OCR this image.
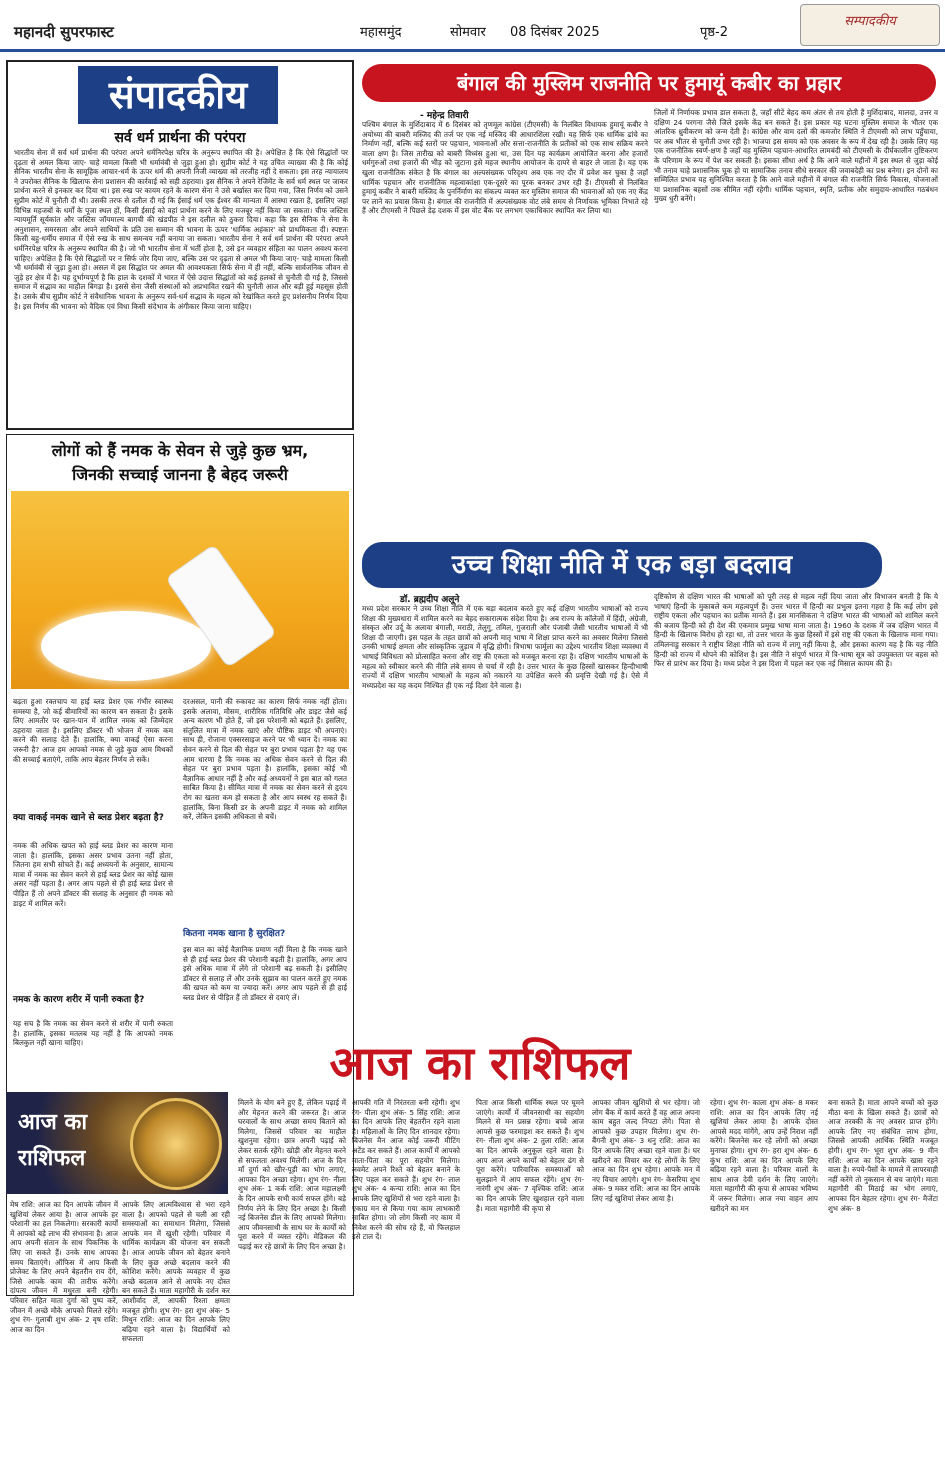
महानदी सुपरफास्ट	महासमुंद	सोमवार 08 दिसंबर 2025	पृष्ठ-2
सम्पादकीय
संपादकीय
सर्व धर्म प्रार्थना की परंपरा
भारतीय सेना में सर्व धर्म प्रार्थना की परंपरा अपने धर्मनिरपेक्ष चरित्र के अनुरूप स्थापित की है। अपेक्षित है कि ऐसे सिद्धांतों पर दृढ़ता से अमल किया जाए- चाहे मामला किसी भी धर्मावंबी से जुड़ा हुआ हो। सुप्रीम कोर्ट ने यह उचित व्याख्या की है कि कोई सैनिक भारतीय सेना के सामूहिक आचार-धर्म के ऊपर धर्म की अपनी निजी व्याख्या को तरजीह नहीं दे सकता। इस तरह न्यायालय ने उपरोक्त सैनिक के खिलाफ सेना प्रशासन की कार्रवाई को सही ठहराया। इस सैनिक ने अपने रेजिमेंट के सर्व धर्म स्थल पर जाकर प्रार्थना करने से इनकार कर दिया था। इस रुख पर कायम रहने के कारण सेना ने उसे बर्खास्त कर दिया गया, जिस निर्णय को उसने सुप्रीम कोर्ट में चुनौती दी थी। उसकी तरफ से दलील दी गई कि ईसाई धर्म एक ईश्वर की मान्यता में आस्था रखता है, इसलिए जहां विभिन्न महजबों के धर्मों के पूजा स्थल हों, किसी ईसाई को वहां प्रार्थना करने के लिए मजबूर नहीं किया जा सकता। चीफ जस्टिस न्यायमूर्ति सूर्यकांत और जस्टिस जॉयमाल्य बागची की खंडपीठ ने इस दलील को ठुकरा दिया। कहा कि इस सैनिक ने सेना के अनुशासन, समरसता और अपने साथियों के प्रति उस सम्मान की भावना के ऊपर 'धार्मिक अहंकार' को प्राथमिकता दी। स्पष्टतः किसी बहु-धर्मीय समाज में ऐसे रुख के साथ समन्वय नहीं बनाया जा सकता। भारतीय सेना ने सर्व धर्म प्रार्थना की परंपरा अपने धर्मनिरपेक्ष चरित्र के अनुरूप स्थापित की है। जो भी भारतीय सेना में भर्ती होता है, उसे इन व्यवहार संहिता का पालन अवश्य करना चाहिए। अपेक्षित है कि ऐसे सिद्धांतों पर न सिर्फ जोर दिया जाए, बल्कि उस पर दृढ़ता से अमल भी किया जाए- चाहे मामला किसी भी धर्मावंबी से जुड़ा हुआ हो। असल में इस सिद्धांत पर अमल की आवश्यकता सिर्फ सेना में ही नहीं, बल्कि सार्वजनिक जीवन से जुड़े हर क्षेत्र में है। यह दुर्भाग्यपूर्ण है कि हाल के दशकों में भारत में ऐसे उदात्त सिद्धांतों को कई हलकों से चुनौती दी गई है, जिससे समाज में सद्भाव का माहौल बिगड़ा है। इससे सेना जैसी संस्थाओं को अप्रभावित रखने की चुनौती आज और बड़ी हुई महसूस होती है। उसके बीच सुप्रीम कोर्ट ने संवैधानिक भावना के अनुरूप सर्व-धर्म सद्भाव के महत्व को रेखांकित करते हुए प्रशंसनीय निर्णय दिया है। इस निर्णय की भावना को वैदिक एवं विधा किसी संदेभाव के अंगीकार किया जाना चाहिए।
लोगों को हैं नमक के सेवन से जुड़े कुछ भ्रम,
जिनकी सच्चाई जानना है बेहद जरूरी
बढ़ता हुआ रक्तचाप या हाई ब्लड प्रेशर एक गंभीर स्वास्थ्य समस्या है, जो कई बीमारियों का कारण बन सकता है। इसके लिए आमतौर पर खान-पान में शामिल नमक को जिम्मेदार ठहराया जाता है। इसलिए डॉक्टर भी भोजन में नमक कम करने की सलाह देते हैं। हालांकि, क्या वाकई ऐसा करना जरूरी है? आज हम आपको नमक से जुड़े कुछ आम मिथकों की सच्चाई बताएंगे, ताकि आप बेहतर निर्णय ले सकें।
क्या वाकई नमक खाने से ब्लड प्रेशर बढ़ता है?
नमक की अधिक खपत को हाई ब्लड प्रेशर का कारण माना जाता है। हालांकि, इसका असर प्रभाव उतना नहीं होता, जितना हम सभी सोचते हैं। कई अध्ययनों के अनुसार, सामान्य मात्रा में नमक का सेवन करने से हाई ब्लड प्रेशर का कोई खास असर नहीं पड़ता है। अगर आप पहले से ही हाई ब्लड प्रेशर से पीड़ित हैं तो अपने डॉक्टर की सलाह के अनुसार ही नमक को डाइट में शामिल करें।
नमक के कारण शरीर में पानी रुकता है?
यह सच है कि नमक का सेवन करने से शरीर में पानी रुकता है। हालांकि, इसका मतलब यह नहीं है कि आपको नमक बिलकुल नहीं खाना चाहिए।
दरअसल, पानी की रुकावट का कारण सिर्फ नमक नहीं होता। इसके अलावा, मौसम, शारीरिक गतिविधि और डाइट जैसे कई अन्य कारण भी होते हैं, जो इस परेशानी को बढ़ाते हैं। इसलिए, संतुलित मात्रा में नमक खाएं और पौष्टिक डाइट भी अपनाएं। साथ ही, रोजाना एक्सरसाइज करने पर भी ध्यान दें। नमक का सेवन करने से दिल की सेहत पर बुरा प्रभाव पड़ता है? यह एक आम धारणा है कि नमक का अधिक सेवन करने से दिल की सेहत पर बुरा प्रभाव पड़ता है। हालांकि, इसका कोई भी वैज्ञानिक आधार नहीं है और कई अध्ययनों ने इस बात को गलत साबित किया है। सीमित मात्रा में नमक का सेवन करने से हृदय रोग का खतरा कम हो सकता है और आप स्वस्थ रह सकते हैं। हालांकि, बिना किसी डर के अपनी डाइट में नमक को शामिल करें, लेकिन इसकी अधिकता से बचें।
कितना नमक खाना है सुरक्षित?
इस बात का कोई वैज्ञानिक प्रमाण नहीं मिला है कि नमक खाने से ही हाई ब्लड प्रेशर की परेशानी बढ़ती है। हालांकि, अगर आप इसे अधिक मात्रा में लेंगे तो परेशानी बढ़ सकती है। इसीलिए डॉक्टर से सलाह लें और उनके सुझाव का पालन करते हुए नमक की खपत को कम या ज्यादा करें। अगर आप पहले से ही हाई ब्लड प्रेशर से पीड़ित हैं तो डॉक्टर से दवाएं लें।
बंगाल की मुस्लिम राजनीति पर हुमायूं कबीर का प्रहार
- महेन्द्र तिवारी
पश्चिम बंगाल के मुर्शिदाबाद में 6 दिसंबर को तृणमूल कांग्रेस (टीएमसी) के निलंबित विधायक हुमायूं कबीर ने अयोध्या की बाबरी मस्जिद की तर्ज पर एक नई मस्जिद की आधारशिला रखी। यह सिर्फ एक धार्मिक ढांचे का निर्माण नहीं, बल्कि कई स्तरों पर पहचान, भावनाओं और सत्ता-राजनीति के प्रतीकों को एक साथ सक्रिय करने वाला क्षण है। जिस तारीख को बाबरी विध्वंस हुआ था, उस दिन यह कार्यक्रम आयोजित करना और हजारों धर्मगुरुओं तथा हजारों की भीड़ को जुटाना इसे महज स्थानीय आयोजन के दायरे से बाहर ले जाता है। यह एक खुला राजनीतिक संकेत है कि बंगाल का अल्पसंख्यक परिदृश्य अब एक नए दौर में प्रवेश कर चुका है जहाँ धार्मिक पहचान और राजनीतिक महत्वाकांक्षा एक-दूसरे का पूरक बनकर उभर रही हैं। टीएमसी से निलंबित हुमायूं कबीर ने बाबरी मस्जिद के पुनर्निर्माण का संकल्प व्यक्त कर मुस्लिम समाज की भावनाओं को एक नए केंद्र पर लाने का प्रयास किया है। बंगाल की राजनीति में अल्पसंख्यक वोट लंबे समय से निर्णायक भूमिका निभाते रहे हैं और टीएमसी ने पिछले डेढ़ दशक में इस वोट बैंक पर लगभग एकाधिकार स्थापित कर लिया था।
जिलों में निर्णायक प्रभाव डाल सकता है, जहाँ सीटें बेहद कम अंतर से तय होती हैं मुर्शिदाबाद, मालदा, उत्तर व दक्षिण 24 परगना जैसे जिले इसके केंद्र बन सकते हैं। इस प्रकार यह घटना मुस्लिम समाज के भीतर एक आंतरिक ध्रुवीकरण को जन्म देती है। कांग्रेस और वाम दलों की कमजोर स्थिति ने टीएमसी को लाभ पहुँचाया, पर अब भीतर से चुनौती उभर रही है। भाजपा इस समय को एक अवसर के रूप में देख रही है। उसके लिए यह एक राजनीतिक स्वर्ण-क्षण है जहाँ वह मुस्लिम पहचान-आधारित लामबंदी को टीएमसी के दीर्घकालीन तुष्टिकरण के परिणाम के रूप में पेश कर सकती है। इसका सीधा अर्थ है कि आने वाले महीनों में इस स्थल से जुड़ा कोई भी तनाव चाहे प्रशासनिक चूक हो या सामाजिक तनाव सीधे सरकार की जवाबदेही का प्रश्न बनेगा। इन दोनों का सम्मिलित प्रभाव यह सुनिश्चित करता है कि आने वाले महीनों में बंगाल की राजनीति सिर्फ विकास, योजनाओं या प्रशासनिक बहसों तक सीमित नहीं रहेगी। धार्मिक पहचान, स्मृति, प्रतीक और समुदाय-आधारित गठबंधन मुख्य धुरी बनेंगे।
उच्च शिक्षा नीति में एक बड़ा बदलाव
डॉ. ब्रह्मदीप अलूने
मध्य प्रदेश सरकार ने उच्च शिक्षा नीति में एक बड़ा बदलाव करते हुए कई दक्षिण भारतीय भाषाओं को राज्य शिक्षा की मुख्यधारा में शामिल करने का बेहद सकारात्मक संदेश दिया है। अब राज्य के कॉलेजों में हिंदी, अंग्रेजी, संस्कृत और उर्दू के अलावा बंगाली, मराठी, तेलुगु, तमिल, गुजराती और पंजाबी जैसी भारतीय भाषाओं में भी शिक्षा दी जाएगी। इस पहल के तहत छात्रों को अपनी मातृ भाषा में शिक्षा प्राप्त करने का अवसर मिलेगा जिससे उनकी भाषाई क्षमता और सांस्कृतिक जुड़ाव में वृद्धि होगी। त्रिभाषा फार्मूला का उद्देश्य भारतीय शिक्षा व्यवस्था में भाषाई विविधता को प्रोत्साहित करना और राष्ट्र की एकता को मजबूत करना रहा है। दक्षिण भारतीय भाषाओं के महत्व को स्वीकार करने की नीति लंबे समय से चर्चा में रही है। उत्तर भारत के कुछ हिस्सों खासकर हिन्दीभाषी राज्यों में दक्षिण भारतीय भाषाओं के महत्व को नकारने या उपेक्षित करने की प्रवृत्ति देखी गई है। ऐसे में मध्यप्रदेश का यह कदम निश्चित ही एक नई दिशा देने वाला है।
दृष्टिकोण से दक्षिण भारत की भाषाओं को पूरी तरह से महत्व नहीं दिया जाता और विभाजन बनती है कि ये भाषाएं हिन्दी के मुकाबले कम महत्वपूर्ण हैं। उत्तर भारत में हिन्दी का प्रभुत्व इतना गहरा है कि कई लोग इसे राष्ट्रीय एकता और पहचान का प्रतीक मानते हैं। इस मानसिकता ने दक्षिण भारत की भाषाओं को शामिल करने की बजाय हिन्दी को ही देश की एकमात्र प्रमुख भाषा माना जाता है। 1960 के दशक में जब दक्षिण भारत में हिन्दी के खिलाफ विरोध हो रहा था, तो उत्तर भारत के कुछ हिस्सों में इसे राष्ट्र की एकता के खिलाफ माना गया। तमिलनाडु सरकार ने राष्ट्रीय शिक्षा नीति को राज्य में लागू नहीं किया है, और इसका कारण यह है कि यह नीति हिन्दी को राज्य में थोपने की कोशिश है। इस नीति ने संपूर्ण भारत में त्रि-भाषा सूत्र को उपयुक्तता पर बहस को फिर से प्रारंभ कर दिया है। मध्य प्रदेश ने इस दिशा में पहल कर एक नई मिसाल कायम की है।
आज का राशिफल
आज का
राशिफल
मेष राशि: आज का दिन आपके जीवन में खुशियां लेकर आया है। आज आपके हर परेशानी का हल निकलेगा। सरकारी कार्यों में आपको बड़े लाभ की संभावना है। आज आप अपनी संतान के साथ पिकनिक के लिए जा सकते हैं। उनके साथ आपका समय बिताएंगे। ऑफिस में आप किसी प्रोजेक्ट के लिए अपने बेहतरीन राय देंगे, जिसे आपके काम की तारीफ करेंगे। दांपत्य जीवन में मधुरता बनी रहेगी। परिवार सहित माता दुर्गा को पुष्प करें, जीवन में अच्छे मौके आपको मिलते रहेंगे। शुभ रंग- गुलाबी शुभ अंक- 2 वृष राशि: आज का दिन
आपके लिए आत्मविश्वास से भरा रहने वाला है। आपको पहले से चली आ रही समस्याओं का समाधान मिलेगा, जिससे आपके मन में खुशी रहेगी। परिवार में धार्मिक कार्यक्रम की योजना बन सकती है। आज आपके जीवन को बेहतर बनाने के लिए कुछ अच्छे बदलाव करने की कोशिश करेंगे। आपके व्यवहार में कुछ अच्छे बदलाव आने से आपके नए दोस्त बन सकते हैं। माता महागौरी के दर्शन कर आशीर्वाद लें, आपकी रिश्ता क्षमता मजबूत होगी। शुभ रंग- हरा शुभ अंक- 5 मिथुन राशि: आज का दिन आपके लिए बढ़िया रहने वाला है। विद्यार्थियों को सफलता
मिलने के योग बने हुए हैं, लेकिन पढ़ाई में और मेहनत करने की जरूरत है। आज घरवालों के साथ अच्छा समय बिताने को मिलेगा, जिससे परिवार का माहौल खुशनुमा रहेगा। छात्र अपनी पढ़ाई को लेकर सतर्क रहेंगे। खोड़ी और मेहनत करने से सफलता अवश्य मिलेगी। आज के दिन माँ दुर्गा को खीर-पूड़ी का भोग लगाएं, आपका दिन अच्छा रहेगा। शुभ रंग- नीला शुभ अंक- 1 कर्क राशि: आज महालक्ष्मी के दिन आपके सभी कार्य सफल होंगे। बड़े निर्णय लेने के लिए दिन अच्छा है। किसी नई बिजनेस डील के लिए आपको मिलेगा। आप जीवनसाथी के साथ घर के कार्यों को पूरा करने में व्यस्त रहेंगे। मेडिकल की पढ़ाई कर रहे छात्रों के लिए दिन अच्छा है।
आपकी गति में निरंतरता बनी रहेगी। शुभ रंग- पीला शुभ अंक- 5 सिंह राशि: आज का दिन आपके लिए बेहतरीन रहने वाला है। महिलाओं के लिए दिन शानदार रहेगा। बिजनेस मैन आज कोई जरूरी मीटिंग अटेंड कर सकते हैं। आज कार्यों में आपको माता-पिता का पूरा सहयोग मिलेगा। लवमेट अपने रिश्ते को बेहतर बनाने के लिए पहल कर सकते हैं। शुभ रंग- लाल शुभ अंक- 4 कन्या राशि: आज का दिन आपके लिए खुशियों से भरा रहने वाला है। एकाग्र मन से किया गया काम लाभकारी साबित होगा। जो लोग किसी नए काम में निवेश करने की सोच रहे हैं, वो फिलहाल इसे टाल दें।
पिता आज किसी धार्मिक स्थल पर घूमने जाएंगे। कार्यों में जीवनसाथी का सहयोग मिलने से मन प्रसन्न रहेगा। बच्चे आज आपसे कुछ फरमाइश कर सकते हैं। शुभ रंग- नीला शुभ अंक- 2 तुला राशि: आज का दिन आपके अनुकूल रहने वाला है। आप आज अपने कार्यों को बेहतर ढंग से पूरा करेंगे। पारिवारिक समस्याओं को सुलझाने में आप सफल रहेंगे। शुभ रंग- नारंगी शुभ अंक- 7 वृश्चिक राशि: आज का दिन आपके लिए खुशहाल रहने वाला है। माता महागौरी की कृपा से
आपका जीवन खुशियों से भर रहेगा। जो लोग बैंक में कार्य करते हैं वह आज अपना काम बहुत जल्द निपटा लेंगे। पिता से आपको कुछ उपहार मिलेगा। शुभ रंग- बैंगनी शुभ अंक- 3 धनु राशि: आज का दिन आपके लिए अच्छा रहने वाला है। घर खरीदने का विचार कर रहे लोगों के लिए आज का दिन शुभ रहेगा। आपके मन में नए विचार आएंगे। शुभ रंग- केसरिया शुभ अंक- 9 मकर राशि: आज का दिन आपके लिए नई खुशियां लेकर आया है।
रहेगा। शुभ रंग- काला शुभ अंक- 8 मकर राशि: आज का दिन आपके लिए नई खुशियां लेकर आया है। आपके दोस्त आपसे मदद मांगेंगे, आप उन्हें निराश नहीं करेंगे। बिजनेस कर रहे लोगों को अच्छा मुनाफा होगा। शुभ रंग- हरा शुभ अंक- 6 कुंभ राशि: आज का दिन आपके लिए बढ़िया रहने वाला है। परिवार वालों के साथ आज देवी दर्शन के लिए जाएंगे। माता महागौरी की कृपा से आपका भविष्य में जरूर मिलेगा। आज नया वाहन आप खरीदने का मन
बना सकते हैं। माता आपने बच्चों को कुछ मीठा बना के खिला सकते हैं। छात्रों को आज तरक्की के नए अवसर प्राप्त होंगे। आपके लिए नए संबंधित लाभ होगा, जिससे आपकी आर्थिक स्थिति मजबूत होगी। शुभ रंग- भूरा शुभ अंक- 9 मीन राशि: आज का दिन आपके खास रहने वाला है। रुपये-पैसों के मामले में लापरवाही नहीं करेंगे तो नुकसान से बच जाएंगे। माता महागौरी की मिठाई का भोग लगाएं, आपका दिन बेहतर रहेगा। शुभ रंग- मैजेंटा शुभ अंक- 8
